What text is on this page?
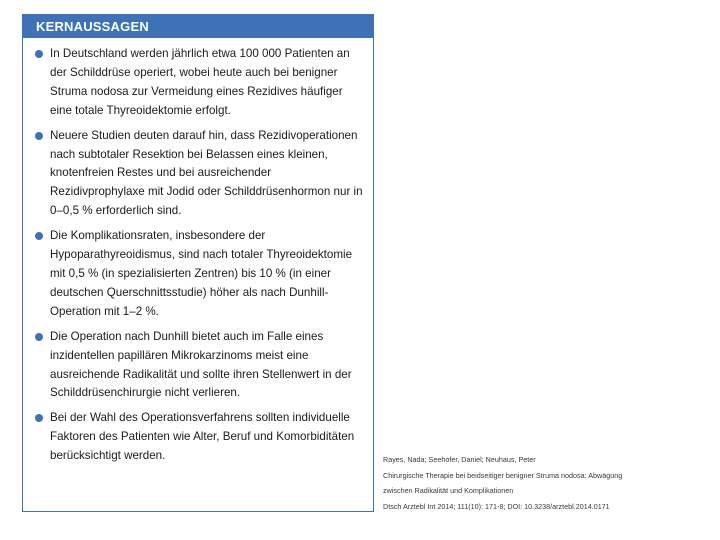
KERNAUSSAGEN
In Deutschland werden jährlich etwa 100 000 Patienten an der Schilddrüse operiert, wobei heute auch bei benigner Struma nodosa zur Vermeidung eines Rezidives häufiger eine totale Thyreoidektomie erfolgt.
Neuere Studien deuten darauf hin, dass Rezidivoperationen nach subtotaler Resektion bei Belassen eines kleinen, knotenfreien Restes und bei ausreichender Rezidivprophylaxe mit Jodid oder Schilddrüsenhormon nur in 0–0,5 % erforderlich sind.
Die Komplikationsraten, insbesondere der Hypoparathyreoidismus, sind nach totaler Thyreoidektomie mit 0,5 % (in spezialisierten Zentren) bis 10 % (in einer deutschen Querschnittsstudie) höher als nach Dunhill-Operation mit 1–2 %.
Die Operation nach Dunhill bietet auch im Falle eines inzidentellen papillären Mikrokarzinoms meist eine ausreichende Radikalität und sollte ihren Stellenwert in der Schilddrüsenchirurgie nicht verlieren.
Bei der Wahl des Operationsverfahrens sollten individuelle Faktoren des Patienten wie Alter, Beruf und Komorbiditäten berücksichtigt werden.	Rayes, Nada; Seehofer, Daniel; Neuhaus, Peter
Chirurgische Therapie bei beidseitiger benigner Struma nodosa: Abwägung
zwischen Radikalität und Komplikationen
Dtsch Arztebl Int 2014; 111(10): 171-8; DOI: 10.3238/arztebl.2014.0171
